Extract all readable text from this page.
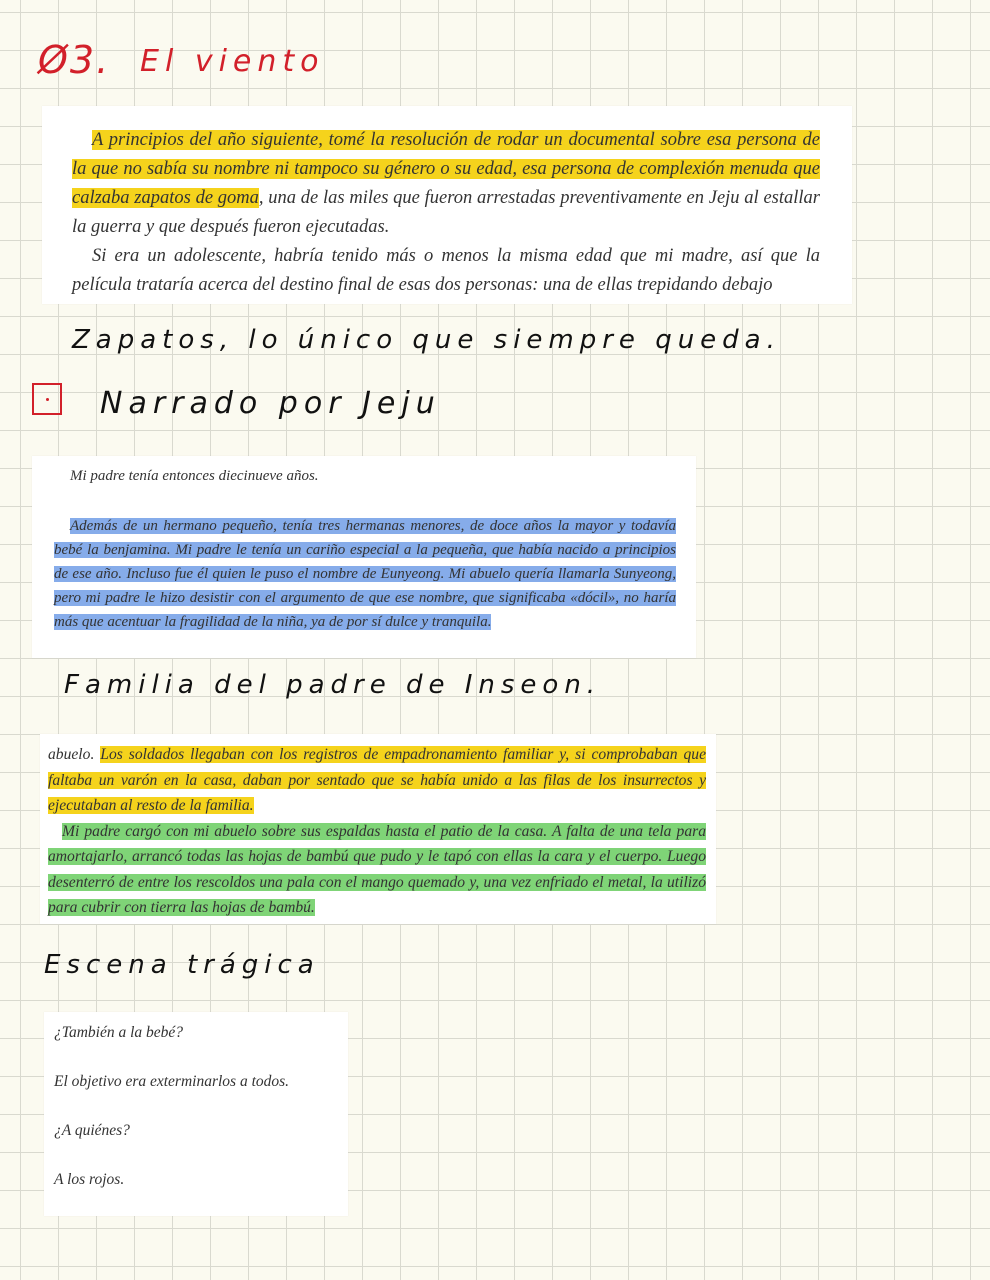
Ø3. El viento

A principios del año siguiente, tomé la resolución de rodar un documental sobre esa persona de la que no sabía su nombre ni tampoco su género o su edad, esa persona de complexión menuda que calzaba zapatos de goma, una de las miles que fueron arrestadas preventivamente en Jeju al estallar la guerra y que después fueron ejecutadas.

Si era un adolescente, habría tenido más o menos la misma edad que mi madre, así que la película trataría acerca del destino final de esas dos personas: una de ellas trepidando debajo

Zapatos, lo único que siempre queda.
Narrado por Jeju

Mi padre tenía entonces diecinueve años.

Además de un hermano pequeño, tenía tres hermanas menores, de doce años la mayor y todavía bebé la benjamina. Mi padre le tenía un cariño especial a la pequeña, que había nacido a principios de ese año. Incluso fue él quien le puso el nombre de Eunyeong. Mi abuelo quería llamarla Sunyeong, pero mi padre le hizo desistir con el argumento de que ese nombre, que significaba «dócil», no haría más que acentuar la fragilidad de la niña, ya de por sí dulce y tranquila.

Familia del padre de Inseon.

abuelo. Los soldados llegaban con los registros de empadronamiento familiar y, si comprobaban que faltaba un varón en la casa, daban por sentado que se había unido a las filas de los insurrectos y ejecutaban al resto de la familia.

Mi padre cargó con mi abuelo sobre sus espaldas hasta el patio de la casa. A falta de una tela para amortajarlo, arrancó todas las hojas de bambú que pudo y le tapó con ellas la cara y el cuerpo. Luego desenterró de entre los rescoldos una pala con el mango quemado y, una vez enfriado el metal, la utilizó para cubrir con tierra las hojas de bambú.

Escena trágica

¿También a la bebé?

El objetivo era exterminarlos a todos.

¿A quiénes?

A los rojos.
